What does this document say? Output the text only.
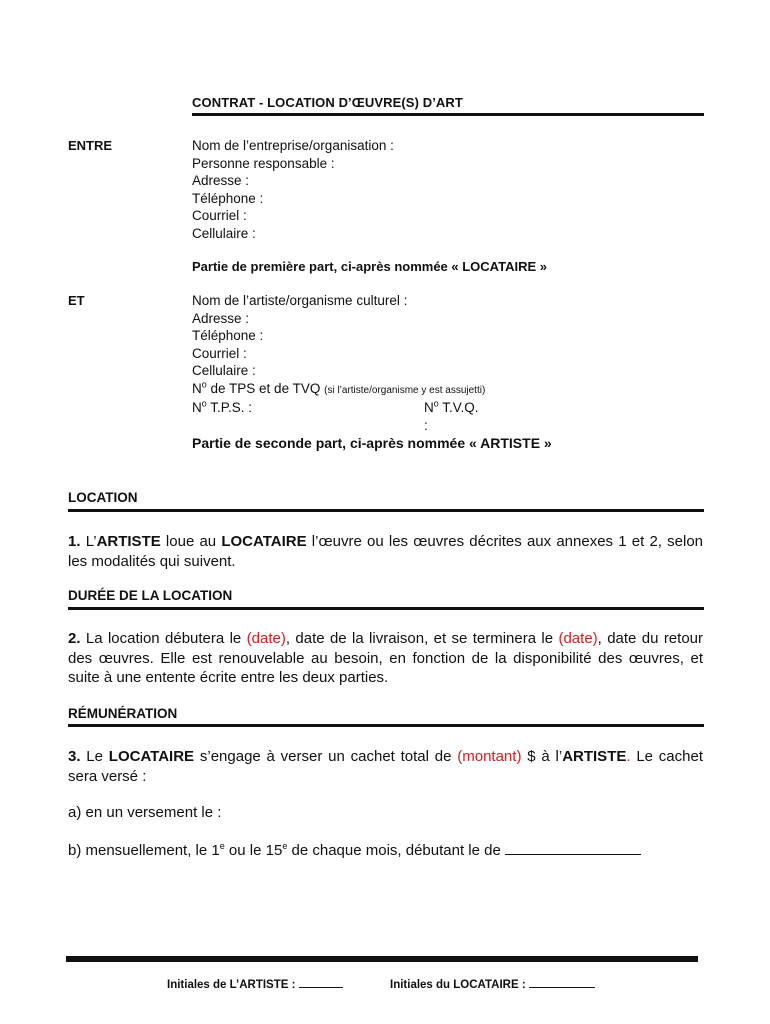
CONTRAT - LOCATION D’ŒUVRE(S) D’ART
ENTRE	Nom de l’entreprise/organisation :
Personne responsable :
Adresse :
Téléphone :
Courriel :
Cellulaire :
Partie de première part, ci-après nommée « LOCATAIRE »
ET	Nom de l’artiste/organisme culturel :
Adresse :
Téléphone :
Courriel :
Cellulaire :
$N^o$ de TPS et de TVQ (si l’artiste/organisme y est assujetti)
$N^o$ T.P.S. :	$N^o$ T.V.Q. :
Partie de seconde part, ci-après nommée « ARTISTE »
LOCATION
1. L’ARTISTE loue au LOCATAIRE l’œuvre ou les œuvres décrites aux annexes 1 et 2, selon les modalités qui suivent.
DURÉE DE LA LOCATION
2. La location débutera le (date), date de la livraison, et se terminera le (date), date du retour des œuvres. Elle est renouvelable au besoin, en fonction de la disponibilité des œuvres, et suite à une entente écrite entre les deux parties.
RÉMUNÉRATION
3. Le LOCATAIRE s’engage à verser un cachet total de (montant) $ à l’ARTISTE. Le cachet sera versé :
a) en un versement le :
b) mensuellement, le 1e ou le 15e de chaque mois, débutant le de
Initiales de L’ARTISTE :	Initiales du LOCATAIRE :
